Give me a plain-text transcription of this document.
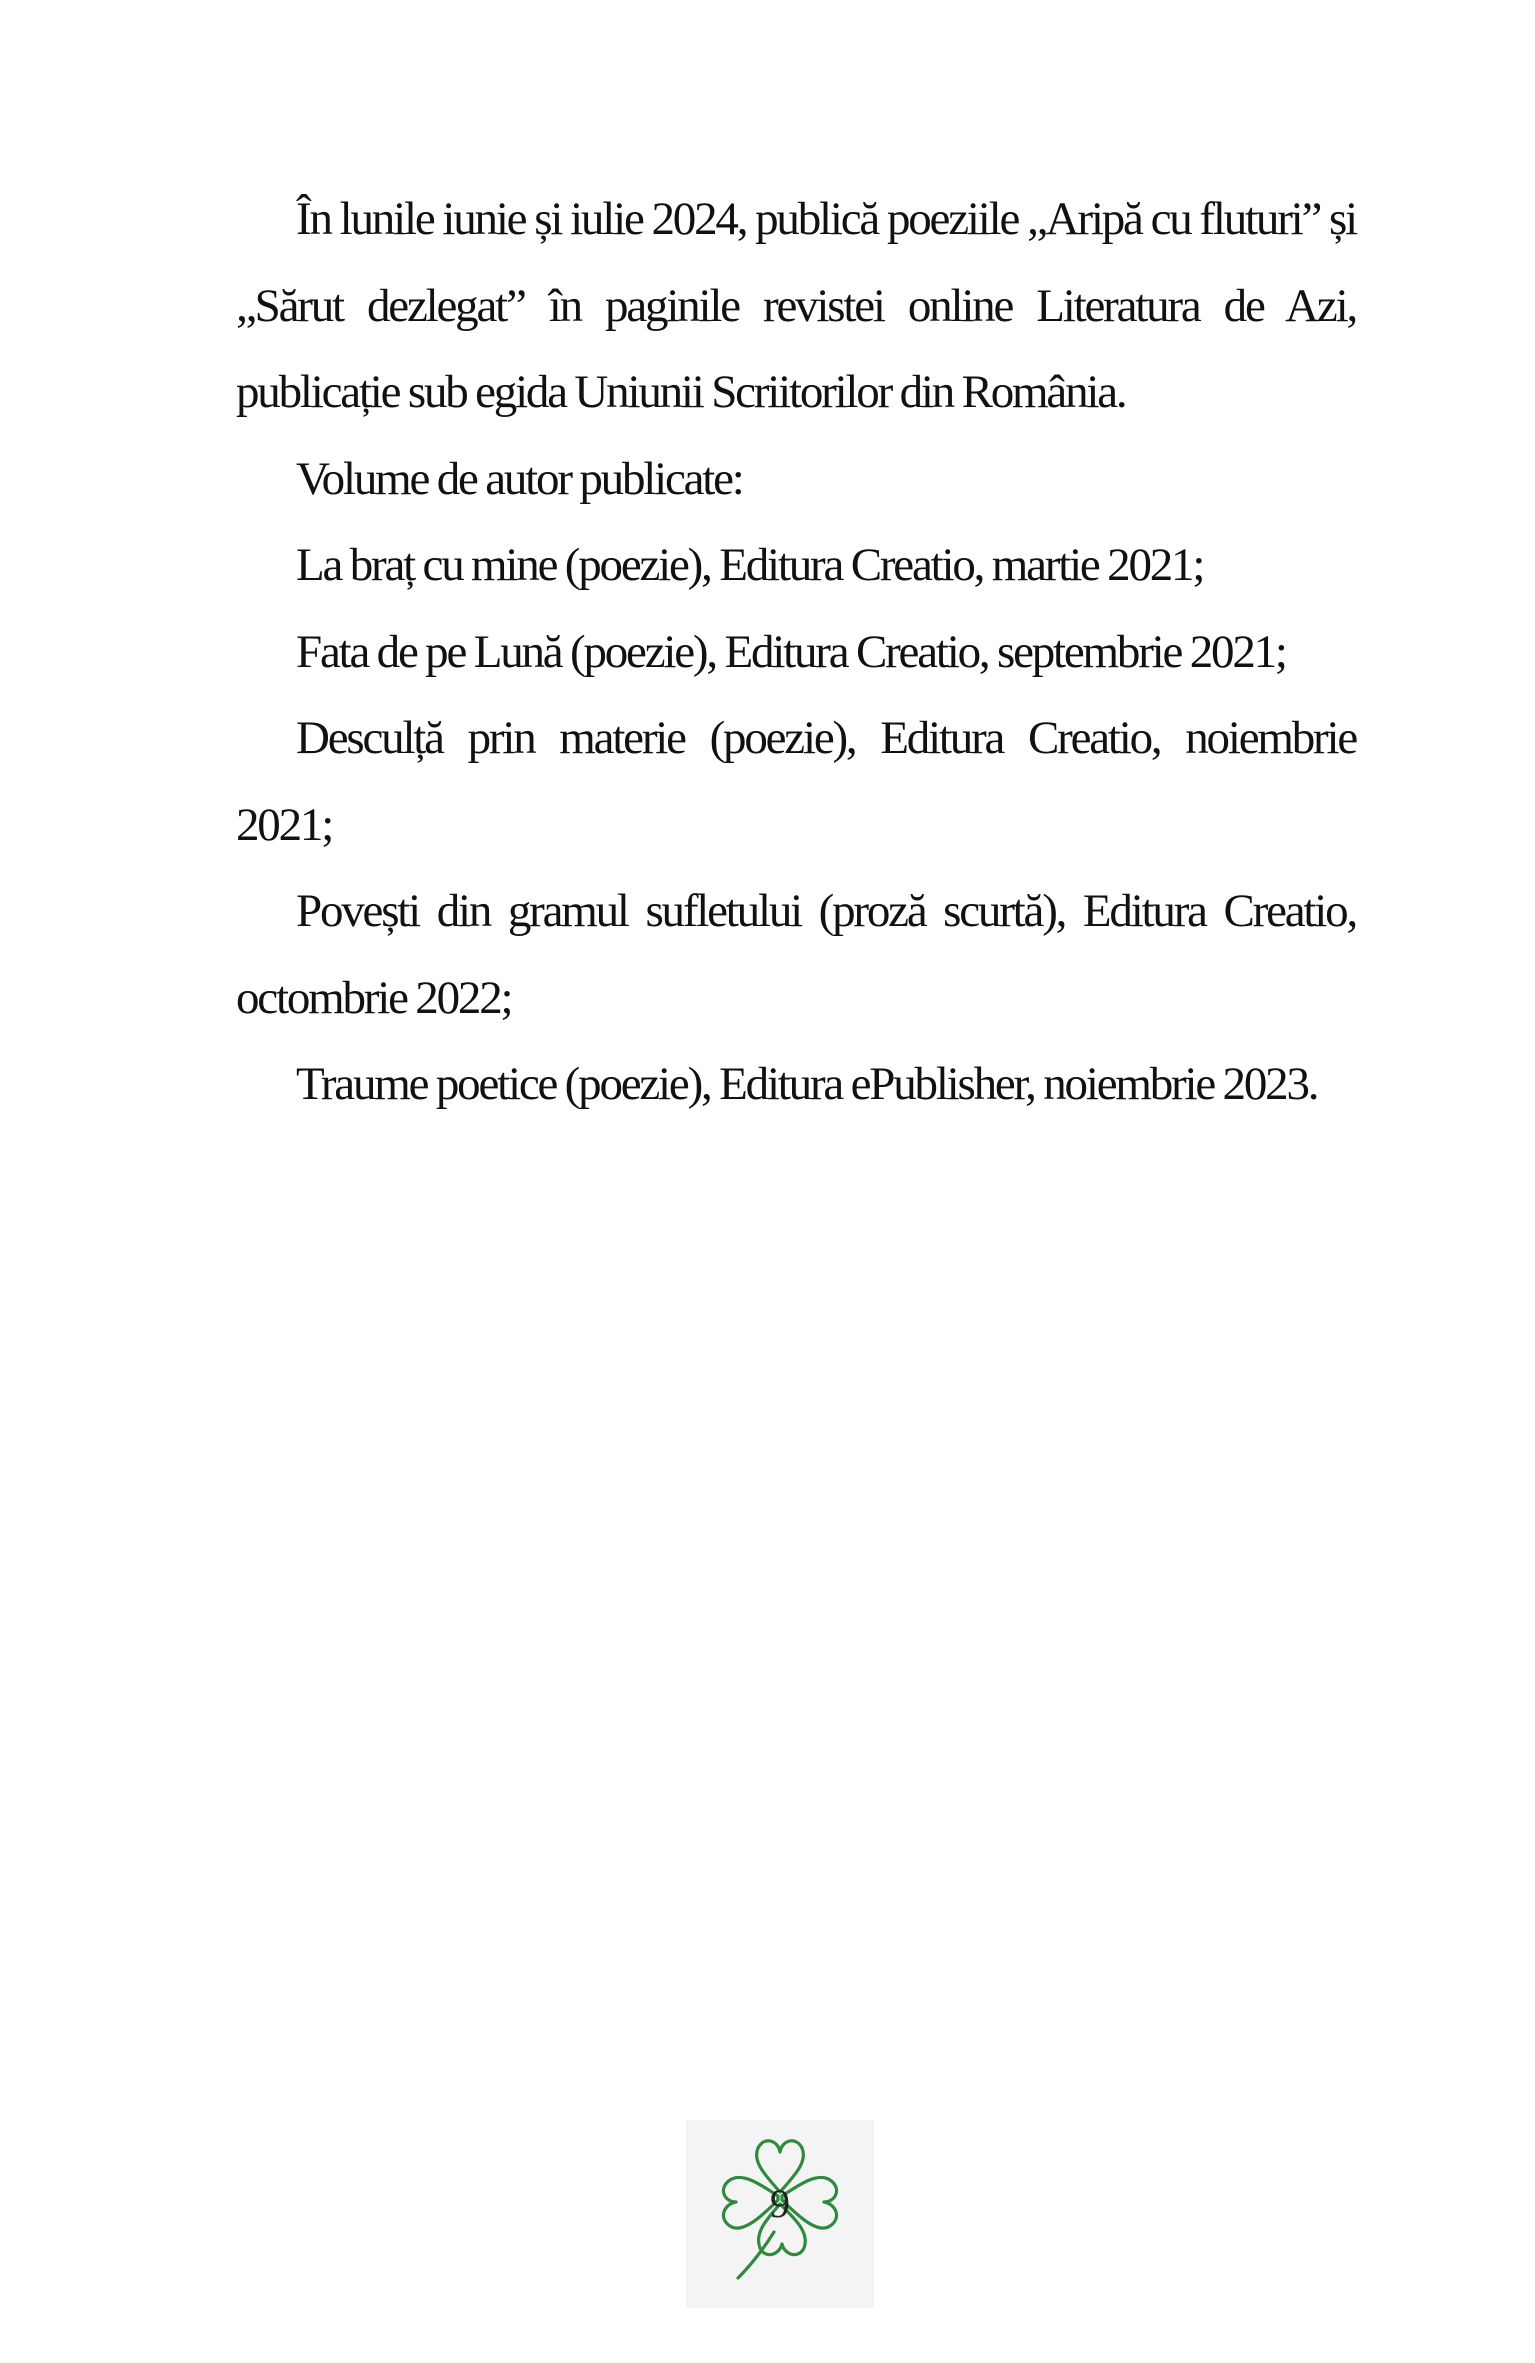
În lunile iunie și iulie 2024, publică poeziile „Aripă cu fluturi” și „Sărut dezlegat” în paginile revistei online Literatura de Azi, publicație sub egida Uniunii Scriitorilor din România.

Volume de autor publicate:

La braț cu mine (poezie), Editura Creatio, martie 2021;

Fata de pe Lună (poezie), Editura Creatio, septembrie 2021;

Desculță prin materie (poezie), Editura Creatio, noiembrie 2021;

Povești din gramul sufletului (proză scurtă), Editura Creatio, octombrie 2022;

Traume poetice (poezie), Editura ePublisher, noiembrie 2023.

9
